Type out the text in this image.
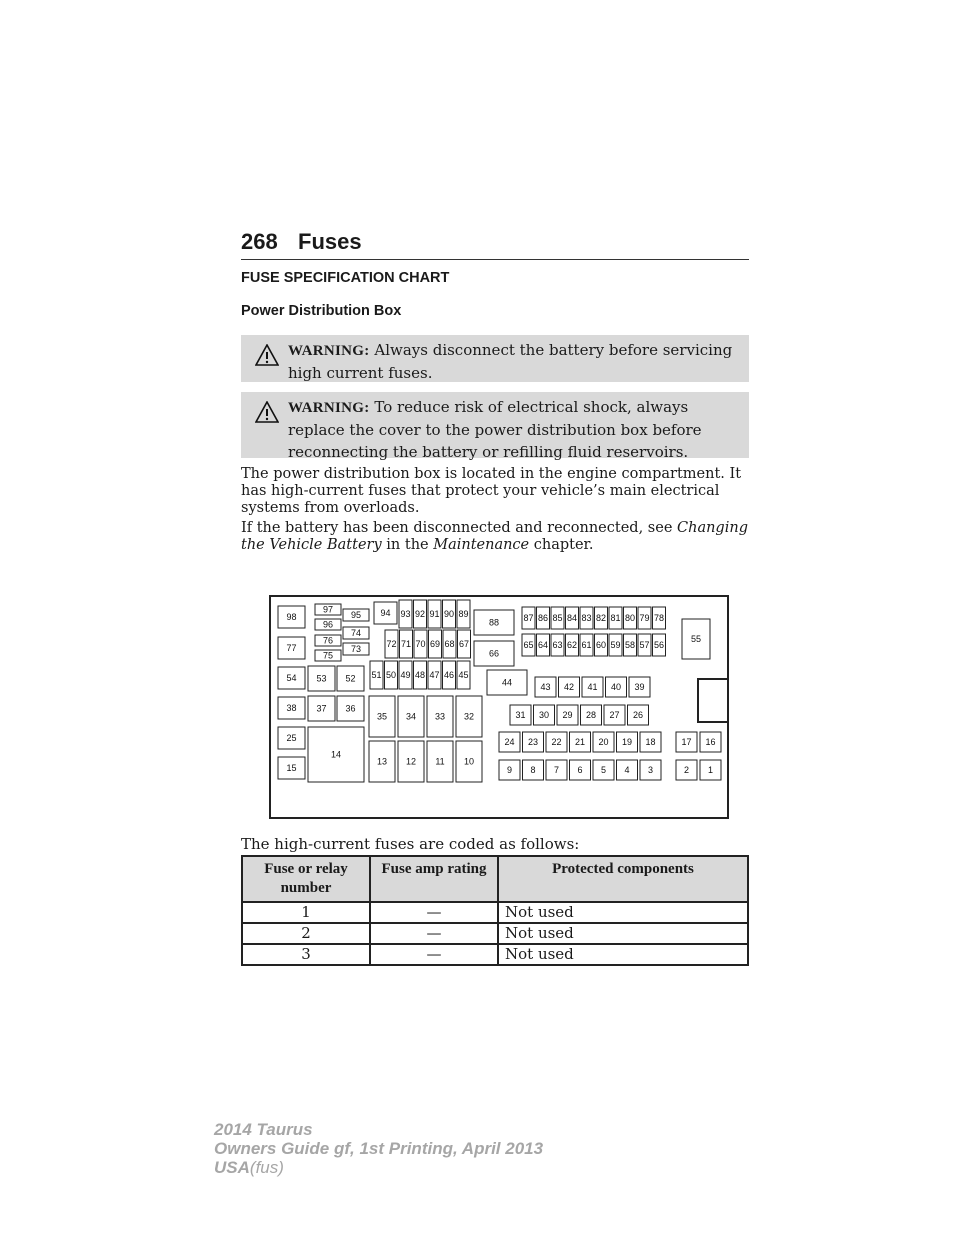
268 Fuses
FUSE SPECIFICATION CHART
Power Distribution Box
WARNING: Always disconnect the battery before servicing high current fuses.
WARNING: To reduce risk of electrical shock, always replace the cover to the power distribution box before reconnecting the battery or refilling fluid reservoirs.
The power distribution box is located in the engine compartment. It has high-current fuses that protect your vehicle’s main electrical systems from overloads.
If the battery has been disconnected and reconnected, see Changing the Vehicle Battery in the Maintenance chapter.
98
77
54
38
25
15
97
96
76
75
53
37
95
74
73
52
36
14
94 93 92 91 90 89
72 71 70 69 68 67
51 50 49 48 47 46 45
88
66
44
87 86 85 84 83 82 81 80 79 78
65 64 63 62 61 60 59 58 57 56
55
43 42 41 40 39
35 34 33 32
13 12 11 10
31 30 29 28 27 26
24 23 22 21 20 19 18
9 8 7 6 5 4 3
17 16
2 1
The high-current fuses are coded as follows:
Fuse or relay number	Fuse amp rating	Protected components
1	—	Not used
2	—	Not used
3	—	Not used
2014 Taurus
Owners Guide gf, 1st Printing, April 2013
USA(fus)
